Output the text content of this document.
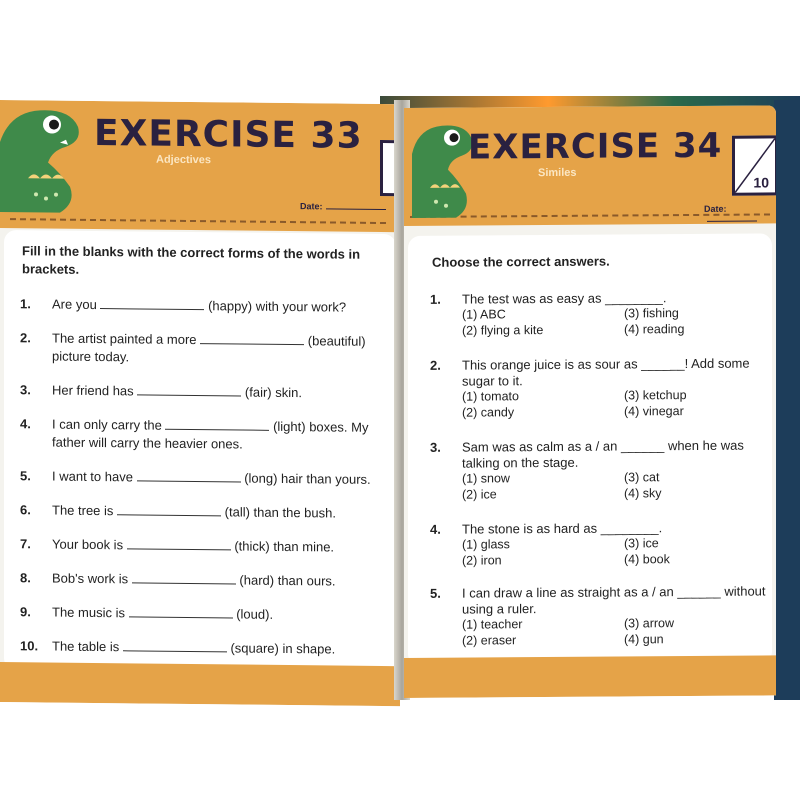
EXERCISE 33
Adjectives
Date:
Fill in the blanks with the correct forms of the words in brackets.
1. Are you	(happy) with your work?
2. The artist painted a more	(beautiful)
picture today.
3. Her friend has	(fair) skin.
4. I can only carry the	(light) boxes. My
father will carry the heavier ones.
5. I want to have	(long) hair than yours.
6. The tree is	(tall) than the bush.
7. Your book is	(thick) than mine.
8. Bob's work is	(hard) than ours.
9. The music is	(loud).
10. The table is	(square) in shape.
EXERCISE 34
Similes
10
Date:
Choose the correct answers.
1. The test was as easy as ________.
(1) ABC	(3) fishing
(2) flying a kite	(4) reading
2. This orange juice is as sour as ______! Add some
sugar to it.
(1) tomato	(3) ketchup
(2) candy	(4) vinegar
3. Sam was as calm as a / an ______ when he was
talking on the stage.
(1) snow	(3) cat
(2) ice	(4) sky
4. The stone is as hard as ________.
(1) glass	(3) ice
(2) iron	(4) book
5. I can draw a line as straight as a / an ______ without
using a ruler.
(1) teacher	(3) arrow
(2) eraser	(4) gun
